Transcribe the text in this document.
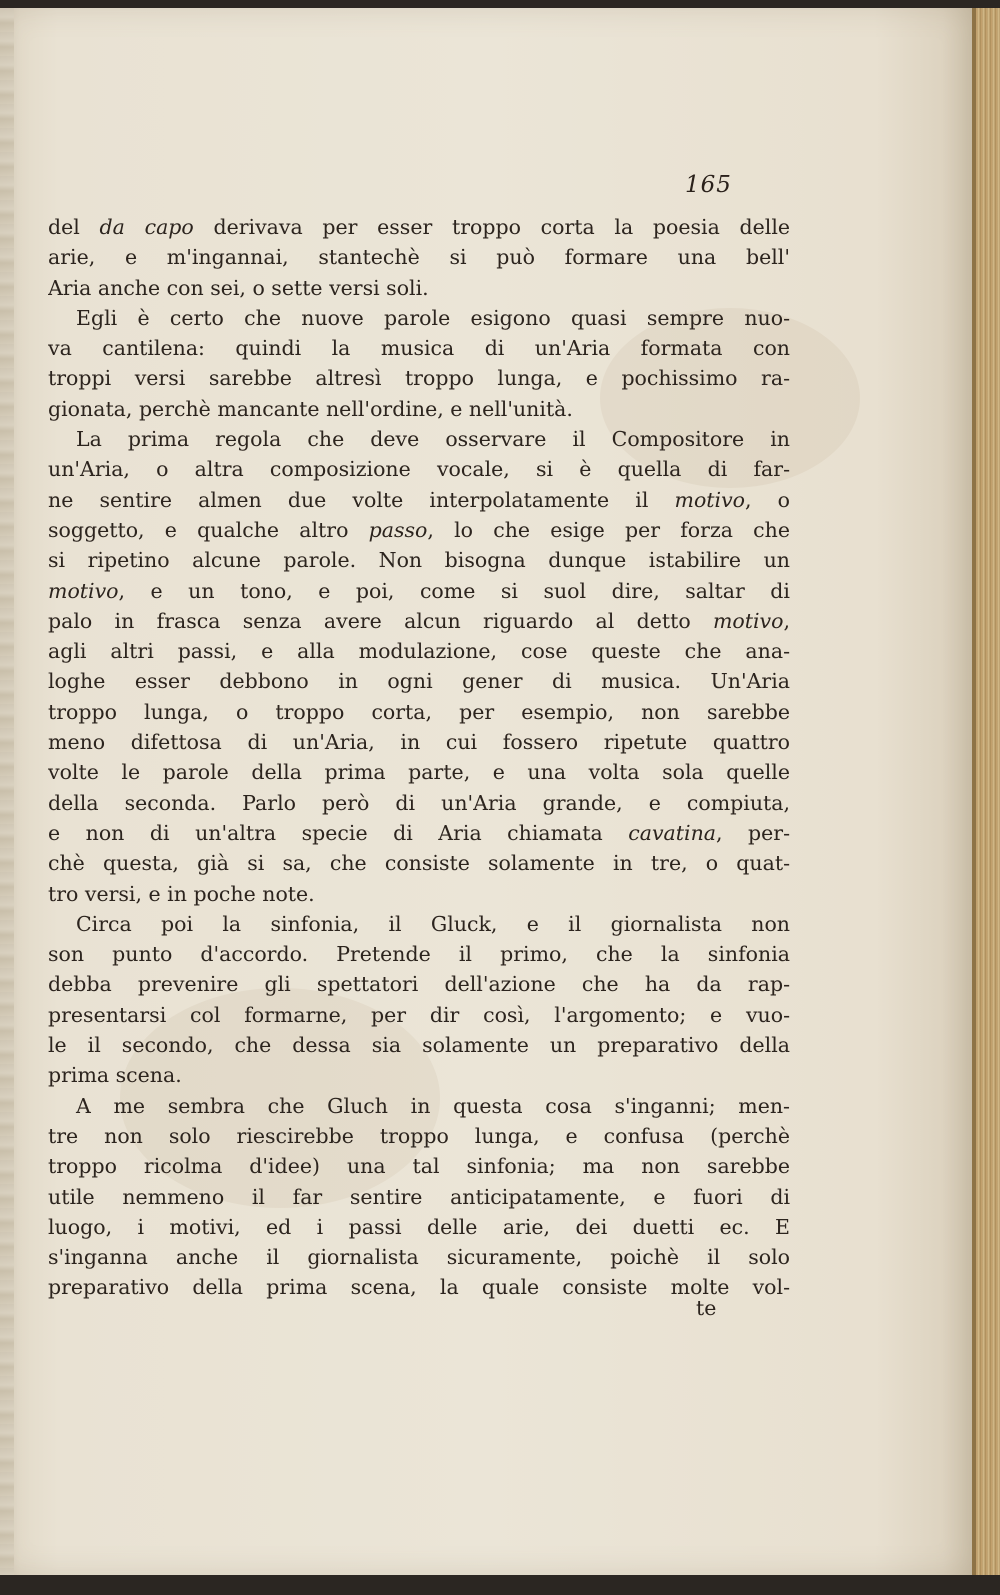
165
del da capo derivava per esser troppo corta la poesia delle
arie, e m'ingannai, stantechè si può formare una bell'
Aria anche con sei, o sette versi soli.
Egli è certo che nuove parole esigono quasi sempre nuo-
va cantilena: quindi la musica di un'Aria formata con
troppi versi sarebbe altresì troppo lunga, e pochissimo ra-
gionata, perchè mancante nell'ordine, e nell'unità.
La prima regola che deve osservare il Compositore in
un'Aria, o altra composizione vocale, si è quella di far-
ne sentire almen due volte interpolatamente il motivo, o
soggetto, e qualche altro passo, lo che esige per forza che
si ripetino alcune parole. Non bisogna dunque istabilire un
motivo, e un tono, e poi, come si suol dire, saltar di
palo in frasca senza avere alcun riguardo al detto motivo,
agli altri passi, e alla modulazione, cose queste che ana-
loghe esser debbono in ogni gener di musica. Un'Aria
troppo lunga, o troppo corta, per esempio, non sarebbe
meno difettosa di un'Aria, in cui fossero ripetute quattro
volte le parole della prima parte, e una volta sola quelle
della seconda. Parlo però di un'Aria grande, e compiuta,
e non di un'altra specie di Aria chiamata cavatina, per-
chè questa, già si sa, che consiste solamente in tre, o quat-
tro versi, e in poche note.
Circa poi la sinfonia, il Gluck, e il giornalista non
son punto d'accordo. Pretende il primo, che la sinfonia
debba prevenire gli spettatori dell'azione che ha da rap-
presentarsi col formarne, per dir così, l'argomento; e vuo-
le il secondo, che dessa sia solamente un preparativo della
prima scena.
A me sembra che Gluch in questa cosa s'inganni; men-
tre non solo riescirebbe troppo lunga, e confusa (perchè
troppo ricolma d'idee) una tal sinfonia; ma non sarebbe
utile nemmeno il far sentire anticipatamente, e fuori di
luogo, i motivi, ed i passi delle arie, dei duetti ec. E
s'inganna anche il giornalista sicuramente, poichè il solo
preparativo della prima scena, la quale consiste molte vol-
te
